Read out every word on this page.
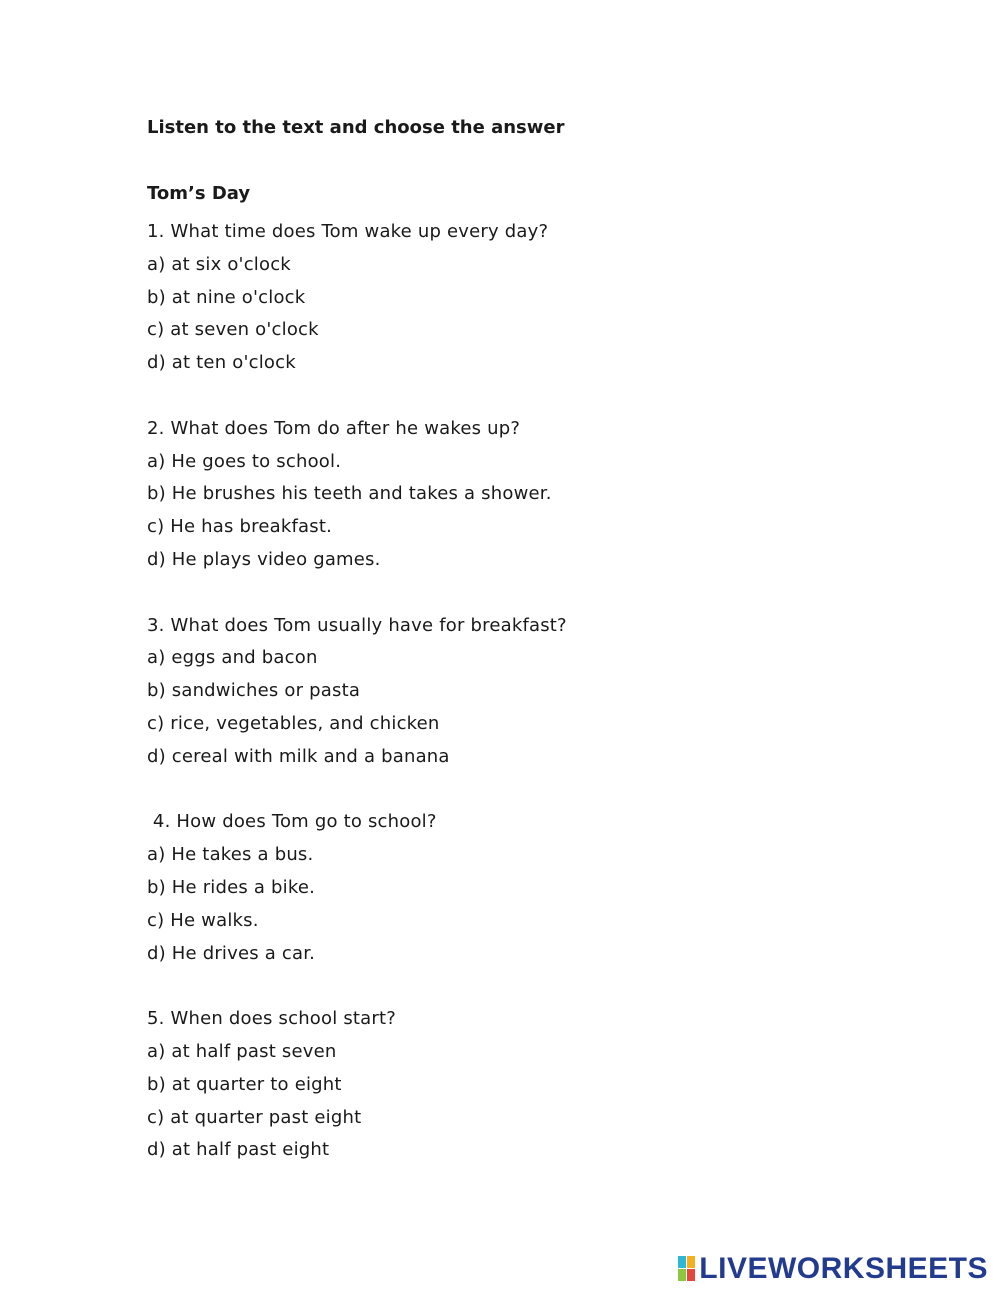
Listen to the text and choose the answer
Tom’s Day
1. What time does Tom wake up every day?
a) at six o'clock
b) at nine o'clock
c) at seven o'clock
d) at ten o'clock
2. What does Tom do after he wakes up?
a) He goes to school.
b) He brushes his teeth and takes a shower.
c) He has breakfast.
d) He plays video games.
3. What does Tom usually have for breakfast?
a) eggs and bacon
b) sandwiches or pasta
c) rice, vegetables, and chicken
d) cereal with milk and a banana
4. How does Tom go to school?
a) He takes a bus.
b) He rides a bike.
c) He walks.
d) He drives a car.
5. When does school start?
a) at half past seven
b) at quarter to eight
c) at quarter past eight
d) at half past eight
LIVEWORKSHEETS
